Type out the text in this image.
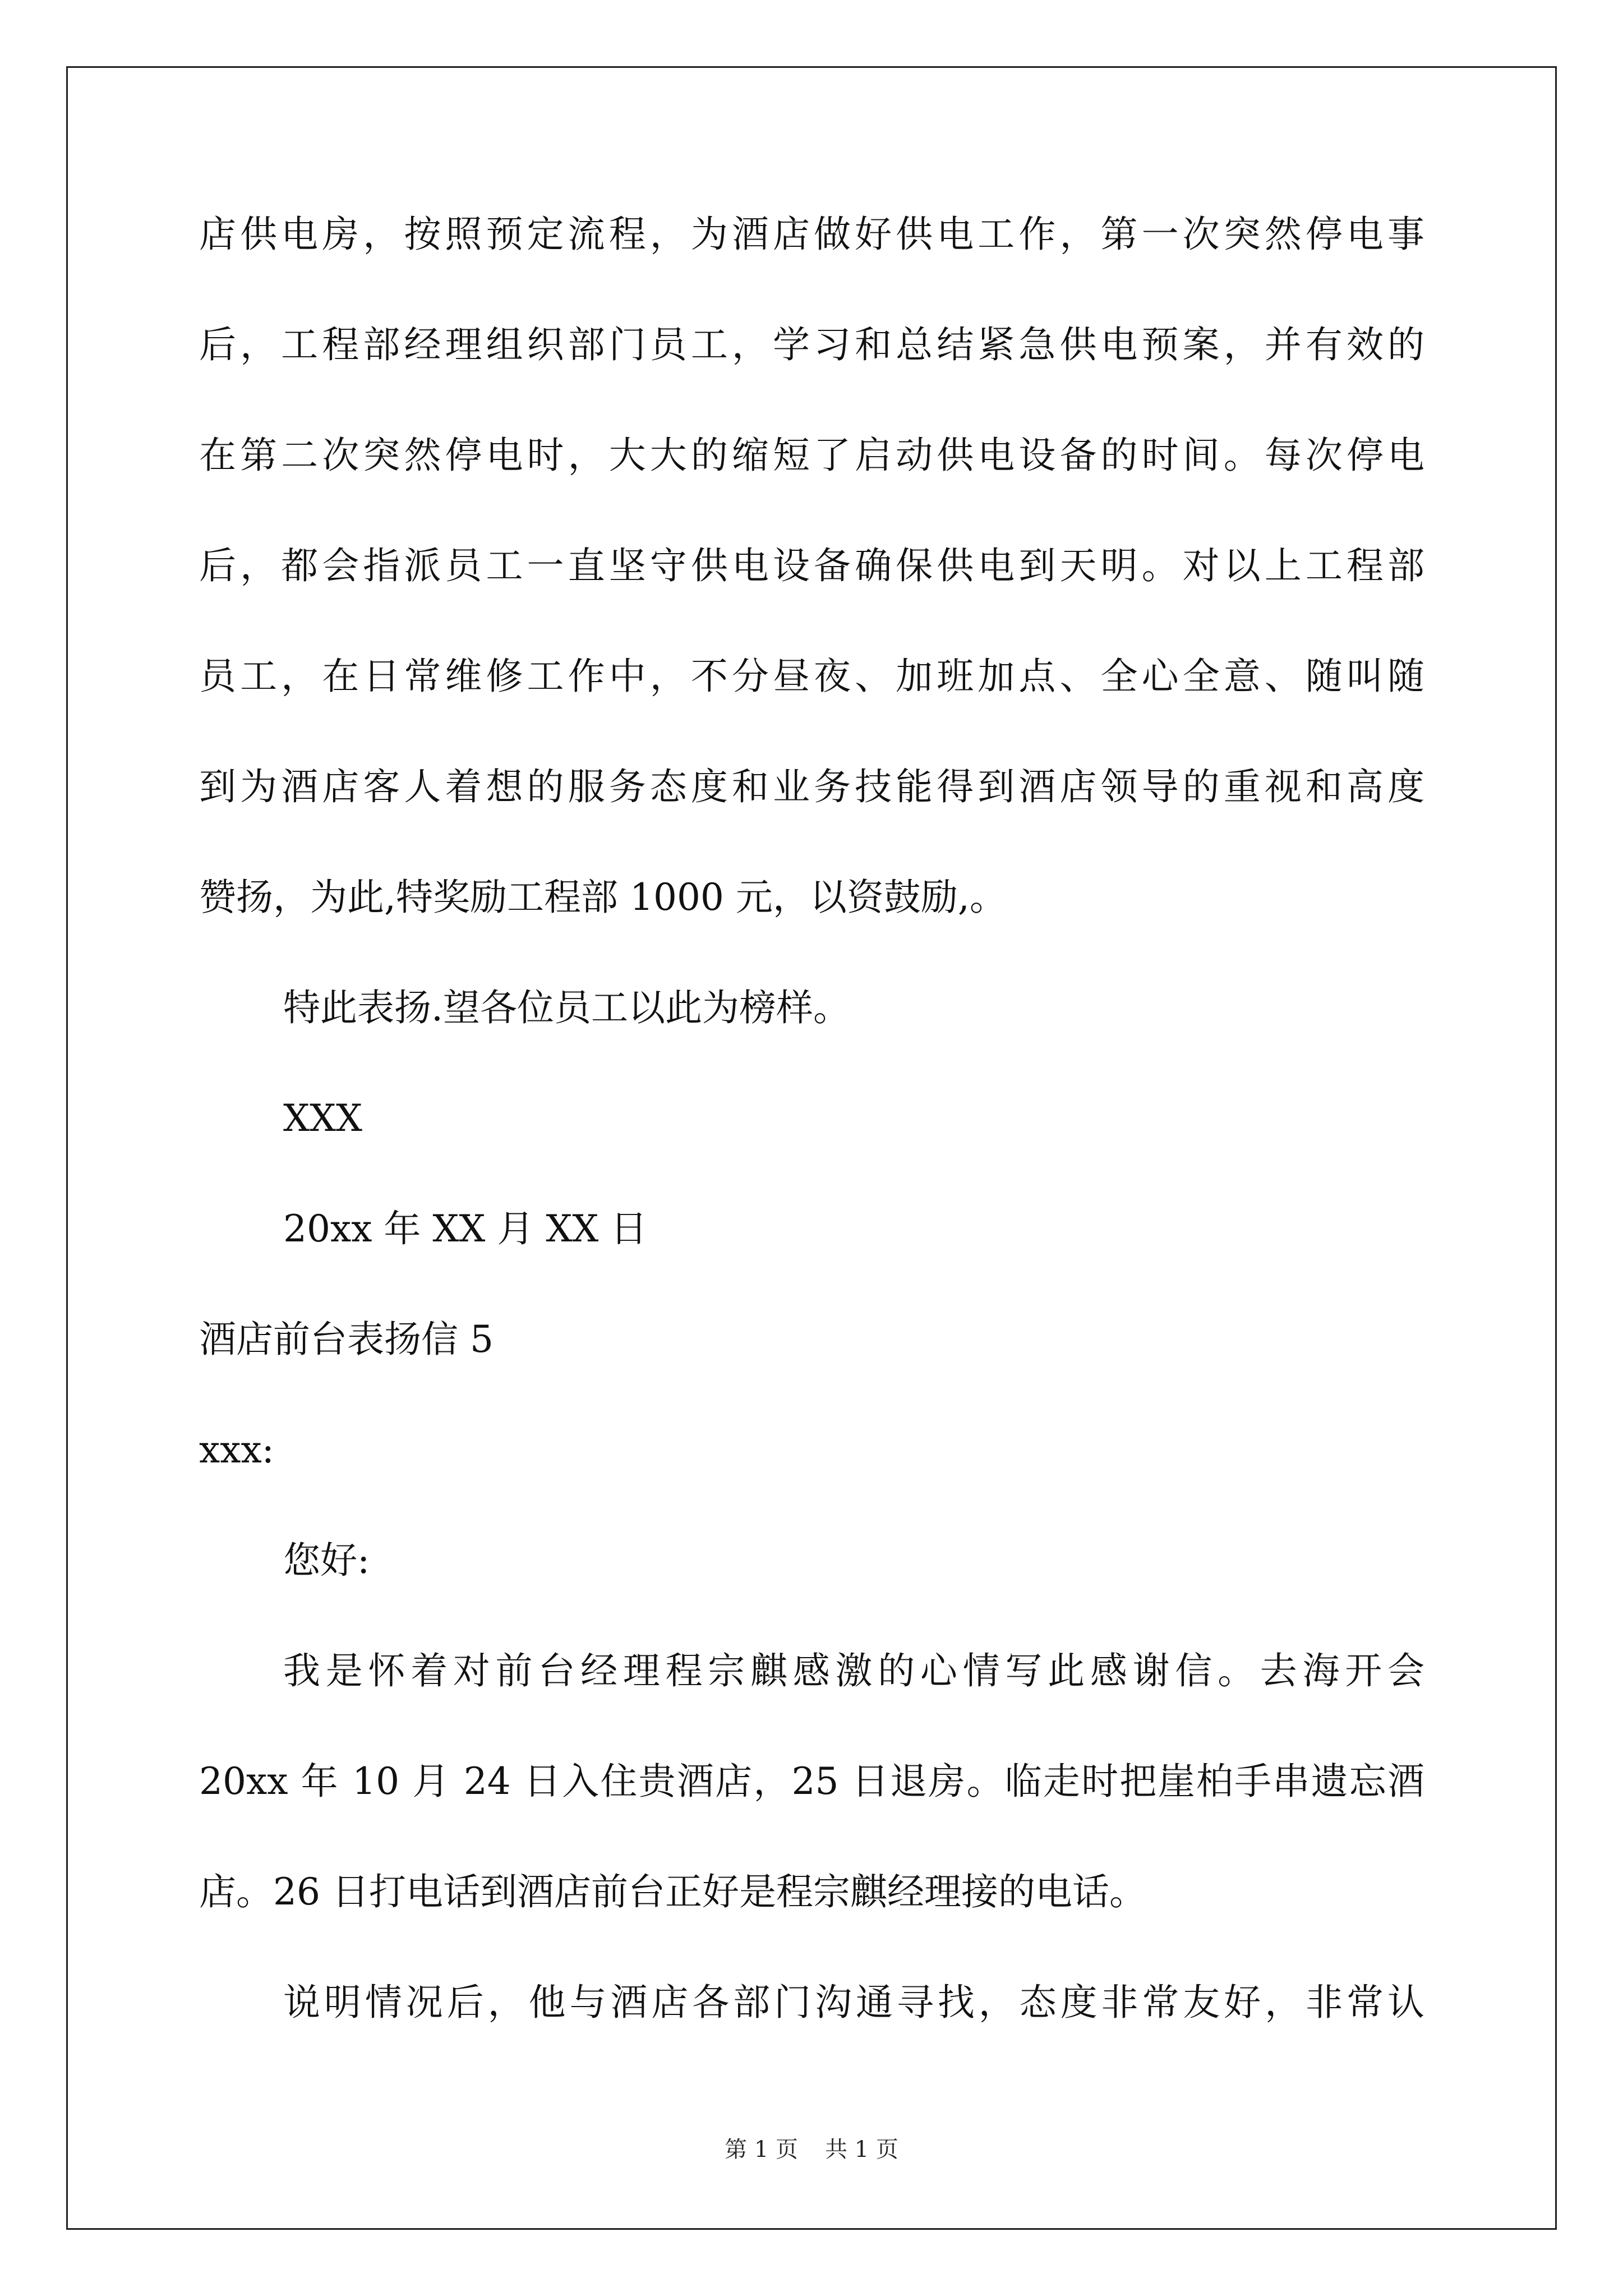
店供电房，按照预定流程，为酒店做好供电工作，第一次突然停电事
后，工程部经理组织部门员工，学习和总结紧急供电预案，并有效的
在第二次突然停电时，大大的缩短了启动供电设备的时间。每次停电
后，都会指派员工一直坚守供电设备确保供电到天明。对以上工程部
员工，在日常维修工作中，不分昼夜、加班加点、全心全意、随叫随
到为酒店客人着想的服务态度和业务技能得到酒店领导的重视和高度
赞扬，为此,特奖励工程部 1000 元，以资鼓励,。
特此表扬.望各位员工以此为榜样。
XXX
20xx 年 XX 月 XX 日
酒店前台表扬信 5
xxx:
您好:
我是怀着对前台经理程宗麒感激的心情写此感谢信。去海开会
20xx 年 10 月 24 日入住贵酒店，25 日退房。临走时把崖柏手串遗忘酒
店。26 日打电话到酒店前台正好是程宗麒经理接的电话。
说明情况后，他与酒店各部门沟通寻找，态度非常友好，非常认
第 1 页 共 1 页
